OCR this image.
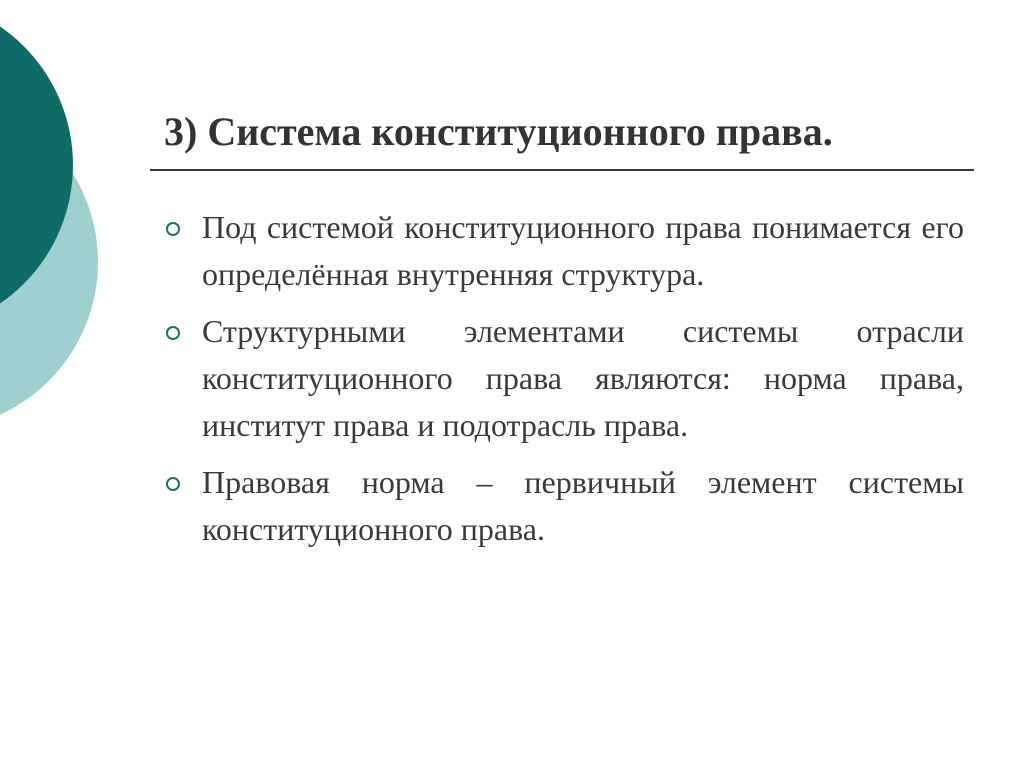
3) Система конституционного права.
Под системой конституционного права понимается его определённая внутренняя структура.
Структурными элементами системы отрасли конституционного права являются: норма права, институт права и подотрасль права.
Правовая норма – первичный элемент системы конституционного права.
